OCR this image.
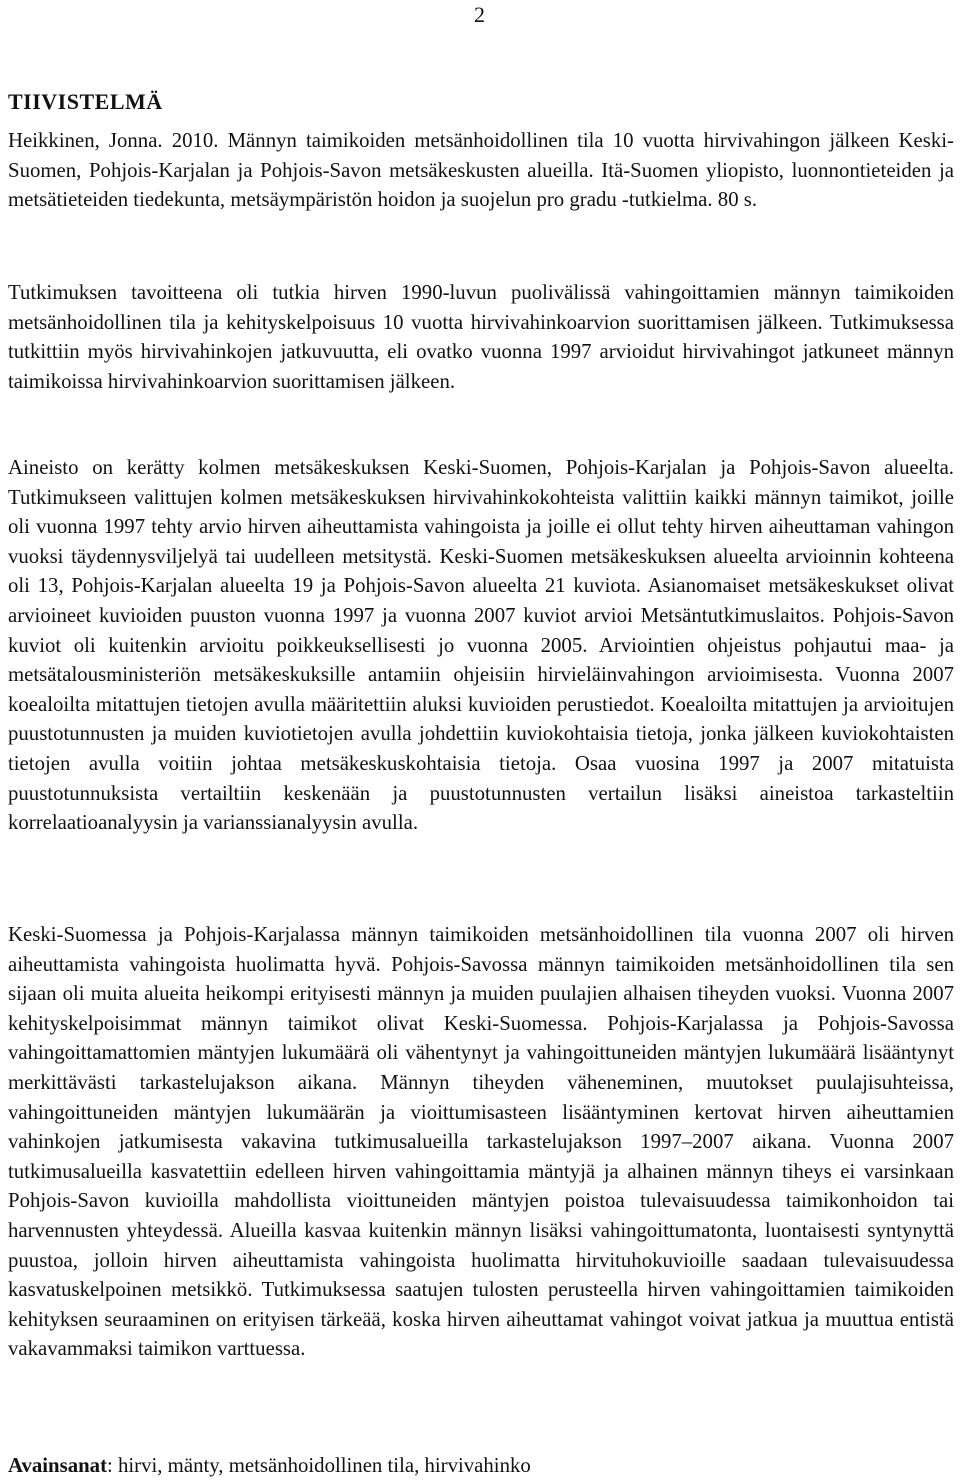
2
TIIVISTELMÄ

Heikkinen, Jonna. 2010. Männyn taimikoiden metsänhoidollinen tila 10 vuotta hirvivahingon jälkeen Keski-Suomen, Pohjois-Karjalan ja Pohjois-Savon metsäkeskusten alueilla. Itä-Suomen yliopisto, luonnontieteiden ja metsätieteiden tiedekunta, metsäympäristön hoidon ja suojelun pro gradu -tutkielma. 80 s.

Tutkimuksen tavoitteena oli tutkia hirven 1990-luvun puolivälissä vahingoittamien männyn taimikoiden metsänhoidollinen tila ja kehityskelpoisuus 10 vuotta hirvivahinkoarvion suorittamisen jälkeen. Tutkimuksessa tutkittiin myös hirvivahinkojen jatkuvuutta, eli ovatko vuonna 1997 arvioidut hirvivahingot jatkuneet männyn taimikoissa hirvivahinkoarvion suorittamisen jälkeen.

Aineisto on kerätty kolmen metsäkeskuksen Keski-Suomen, Pohjois-Karjalan ja Pohjois-Savon alueelta. Tutkimukseen valittujen kolmen metsäkeskuksen hirvivahinkokohteista valittiin kaikki männyn taimikot, joille oli vuonna 1997 tehty arvio hirven aiheuttamista vahingoista ja joille ei ollut tehty hirven aiheuttaman vahingon vuoksi täydennysviljelyä tai uudelleen metsitystä. Keski-Suomen metsäkeskuksen alueelta arvioinnin kohteena oli 13, Pohjois-Karjalan alueelta 19 ja Pohjois-Savon alueelta 21 kuviota. Asianomaiset metsäkeskukset olivat arvioineet kuvioiden puuston vuonna 1997 ja vuonna 2007 kuviot arvioi Metsäntutkimuslaitos. Pohjois-Savon kuviot oli kuitenkin arvioitu poikkeuksellisesti jo vuonna 2005. Arviointien ohjeistus pohjautui maa- ja metsätalousministeriön metsäkeskuksille antamiin ohjeisiin hirvieläinvahingon arvioimisesta. Vuonna 2007 koealoilta mitattujen tietojen avulla määritettiin aluksi kuvioiden perustiedot. Koealoilta mitattujen ja arvioitujen puustotunnusten ja muiden kuviotietojen avulla johdettiin kuviokohtaisia tietoja, jonka jälkeen kuviokohtaisten tietojen avulla voitiin johtaa metsäkeskuskohtaisia tietoja. Osaa vuosina 1997 ja 2007 mitatuista puustotunnuksista vertailtiin keskenään ja puustotunnusten vertailun lisäksi aineistoa tarkasteltiin korrelaatioanalyysin ja varianssianalyysin avulla.

Keski-Suomessa ja Pohjois-Karjalassa männyn taimikoiden metsänhoidollinen tila vuonna 2007 oli hirven aiheuttamista vahingoista huolimatta hyvä. Pohjois-Savossa männyn taimikoiden metsänhoidollinen tila sen sijaan oli muita alueita heikompi erityisesti männyn ja muiden puulajien alhaisen tiheyden vuoksi. Vuonna 2007 kehityskelpoisimmat männyn taimikot olivat Keski-Suomessa. Pohjois-Karjalassa ja Pohjois-Savossa vahingoittamattomien mäntyjen lukumäärä oli vähentynyt ja vahingoittuneiden mäntyjen lukumäärä lisääntynyt merkittävästi tarkastelujakson aikana. Männyn tiheyden väheneminen, muutokset puulajisuhteissa, vahingoittuneiden mäntyjen lukumäärän ja vioittumisasteen lisääntyminen kertovat hirven aiheuttamien vahinkojen jatkumisesta vakavina tutkimusalueilla tarkastelujakson 1997–2007 aikana. Vuonna 2007 tutkimusalueilla kasvatettiin edelleen hirven vahingoittamia mäntyjä ja alhainen männyn tiheys ei varsinkaan Pohjois-Savon kuvioilla mahdollista vioittuneiden mäntyjen poistoa tulevaisuudessa taimikonhoidon tai harvennusten yhteydessä. Alueilla kasvaa kuitenkin männyn lisäksi vahingoittumatonta, luontaisesti syntynyttä puustoa, jolloin hirven aiheuttamista vahingoista huolimatta hirvituhokuvioille saadaan tulevaisuudessa kasvatuskelpoinen metsikkö. Tutkimuksessa saatujen tulosten perusteella hirven vahingoittamien taimikoiden kehityksen seuraaminen on erityisen tärkeää, koska hirven aiheuttamat vahingot voivat jatkua ja muuttua entistä vakavammaksi taimikon varttuessa.

Avainsanat: hirvi, mänty, metsänhoidollinen tila, hirvivahinko
